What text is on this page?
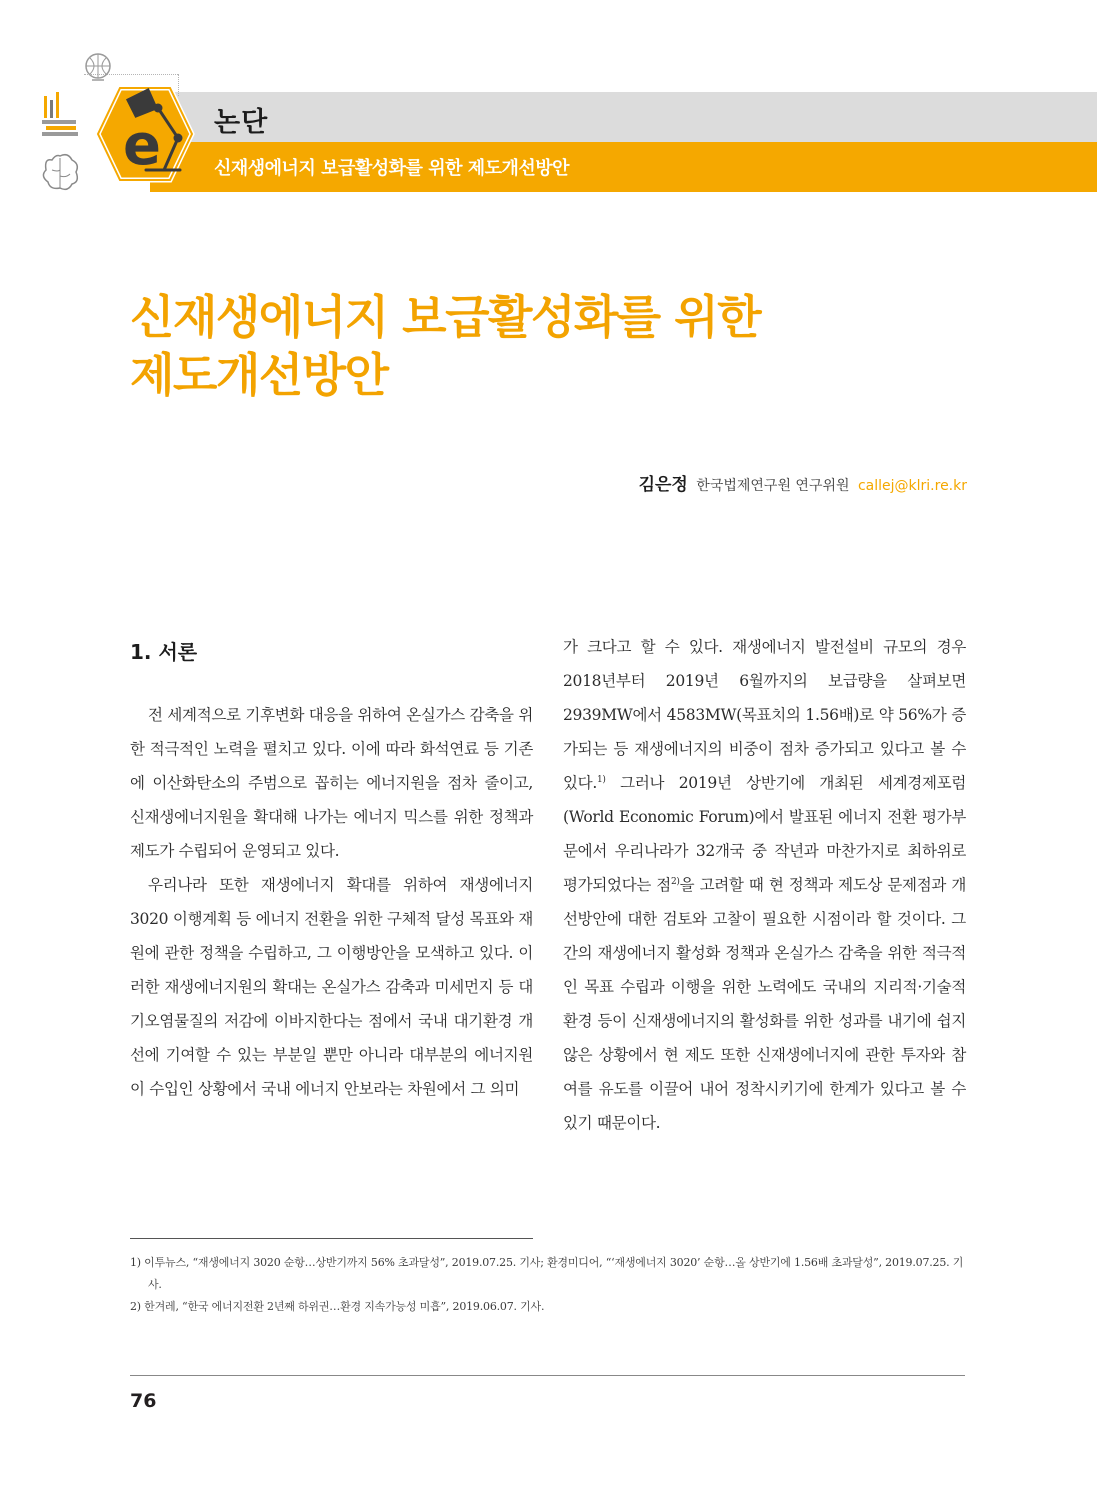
e 논단
신재생에너지 보급활성화를 위한 제도개선방안
신재생에너지 보급활성화를 위한
제도개선방안
김은정 한국법제연구원 연구위원 callej@klri.re.kr
1. 서론

전 세계적으로 기후변화 대응을 위하여 온실가스 감축을 위한 적극적인 노력을 펼치고 있다. 이에 따라 화석연료 등 기존에 이산화탄소의 주범으로 꼽히는 에너지원을 점차 줄이고, 신재생에너지원을 확대해 나가는 에너지 믹스를 위한 정책과 제도가 수립되어 운영되고 있다.

우리나라 또한 재생에너지 확대를 위하여 재생에너지 3020 이행계획 등 에너지 전환을 위한 구체적 달성 목표와 재원에 관한 정책을 수립하고, 그 이행방안을 모색하고 있다. 이러한 재생에너지원의 확대는 온실가스 감축과 미세먼지 등 대기오염물질의 저감에 이바지한다는 점에서 국내 대기환경 개선에 기여할 수 있는 부분일 뿐만 아니라 대부분의 에너지원이 수입인 상황에서 국내 에너지 안보라는 차원에서 그 의미

가 크다고 할 수 있다. 재생에너지 발전설비 규모의 경우 2018년부터 2019년 6월까지의 보급량을 살펴보면 2939MW에서 4583MW(목표치의 1.56배)로 약 56%가 증가되는 등 재생에너지의 비중이 점차 증가되고 있다고 볼 수 있다.$^{1)}$ 그러나 2019년 상반기에 개최된 세계경제포럼(World Economic Forum)에서 발표된 에너지 전환 평가부문에서 우리나라가 32개국 중 작년과 마찬가지로 최하위로 평가되었다는 점$^{2)}$을 고려할 때 현 정책과 제도상 문제점과 개선방안에 대한 검토와 고찰이 필요한 시점이라 할 것이다. 그간의 재생에너지 활성화 정책과 온실가스 감축을 위한 적극적인 목표 수립과 이행을 위한 노력에도 국내의 지리적·기술적 환경 등이 신재생에너지의 활성화를 위한 성과를 내기에 쉽지 않은 상황에서 현 제도 또한 신재생에너지에 관한 투자와 참여를 유도를 이끌어 내어 정착시키기에 한계가 있다고 볼 수 있기 때문이다.

1) 이투뉴스, “재생에너지 3020 순항…상반기까지 56% 초과달성”, 2019.07.25. 기사; 환경미디어, “‘재생에너지 3020’ 순항…올 상반기에 1.56배 초과달성”, 2019.07.25. 기사.
2) 한겨레, “한국 에너지전환 2년째 하위권…환경 지속가능성 미흡”, 2019.06.07. 기사.
76
